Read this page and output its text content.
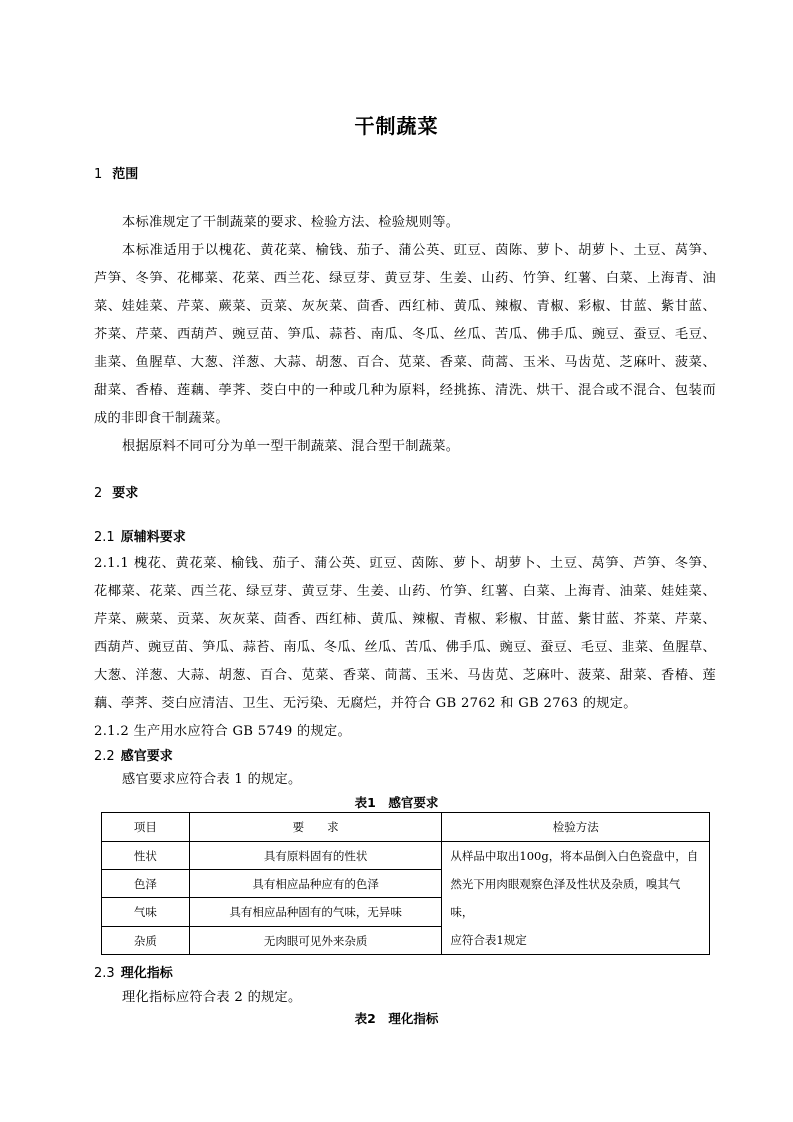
干制蔬菜
1 范围
本标准规定了干制蔬菜的要求、检验方法、检验规则等。
本标准适用于以槐花、黄花菜、榆钱、茄子、蒲公英、豇豆、茵陈、萝卜、胡萝卜、土豆、莴笋、
芦笋、冬笋、花椰菜、花菜、西兰花、绿豆芽、黄豆芽、生姜、山药、竹笋、红薯、白菜、上海青、油
菜、娃娃菜、芹菜、蕨菜、贡菜、灰灰菜、茴香、西红柿、黄瓜、辣椒、青椒、彩椒、甘蓝、紫甘蓝、
芥菜、芹菜、西葫芦、豌豆苗、笋瓜、蒜苔、南瓜、冬瓜、丝瓜、苦瓜、佛手瓜、豌豆、蚕豆、毛豆、
韭菜、鱼腥草、大葱、洋葱、大蒜、胡葱、百合、苋菜、香菜、茼蒿、玉米、马齿苋、芝麻叶、菠菜、
甜菜、香椿、莲藕、荸荠、茭白中的一种或几种为原料，经挑拣、清洗、烘干、混合或不混合、包装而
成的非即食干制蔬菜。
根据原料不同可分为单一型干制蔬菜、混合型干制蔬菜。
2 要求
2.1 原辅料要求
2.1.1 槐花、黄花菜、榆钱、茄子、蒲公英、豇豆、茵陈、萝卜、胡萝卜、土豆、莴笋、芦笋、冬笋、
花椰菜、花菜、西兰花、绿豆芽、黄豆芽、生姜、山药、竹笋、红薯、白菜、上海青、油菜、娃娃菜、
芹菜、蕨菜、贡菜、灰灰菜、茴香、西红柿、黄瓜、辣椒、青椒、彩椒、甘蓝、紫甘蓝、芥菜、芹菜、
西葫芦、豌豆苗、笋瓜、蒜苔、南瓜、冬瓜、丝瓜、苦瓜、佛手瓜、豌豆、蚕豆、毛豆、韭菜、鱼腥草、
大葱、洋葱、大蒜、胡葱、百合、苋菜、香菜、茼蒿、玉米、马齿苋、芝麻叶、菠菜、甜菜、香椿、莲
藕、荸荠、茭白应清洁、卫生、无污染、无腐烂，并符合 GB 2762 和 GB 2763 的规定。
2.1.2 生产用水应符合 GB 5749 的规定。
2.2 感官要求
感官要求应符合表 1 的规定。
表1　感官要求
项目	要　　求	检验方法
性状	具有原料固有的性状	从样品中取出100g，将本品倒入白色瓷盘中，自
然光下用肉眼观察色泽及性状及杂质，嗅其气味，
应符合表1规定

色泽	具有相应品种应有的色泽	
气味	具有相应品种固有的气味，无异味	
杂质	无肉眼可见外来杂质	
2.3 理化指标
理化指标应符合表 2 的规定。
表2　理化指标
